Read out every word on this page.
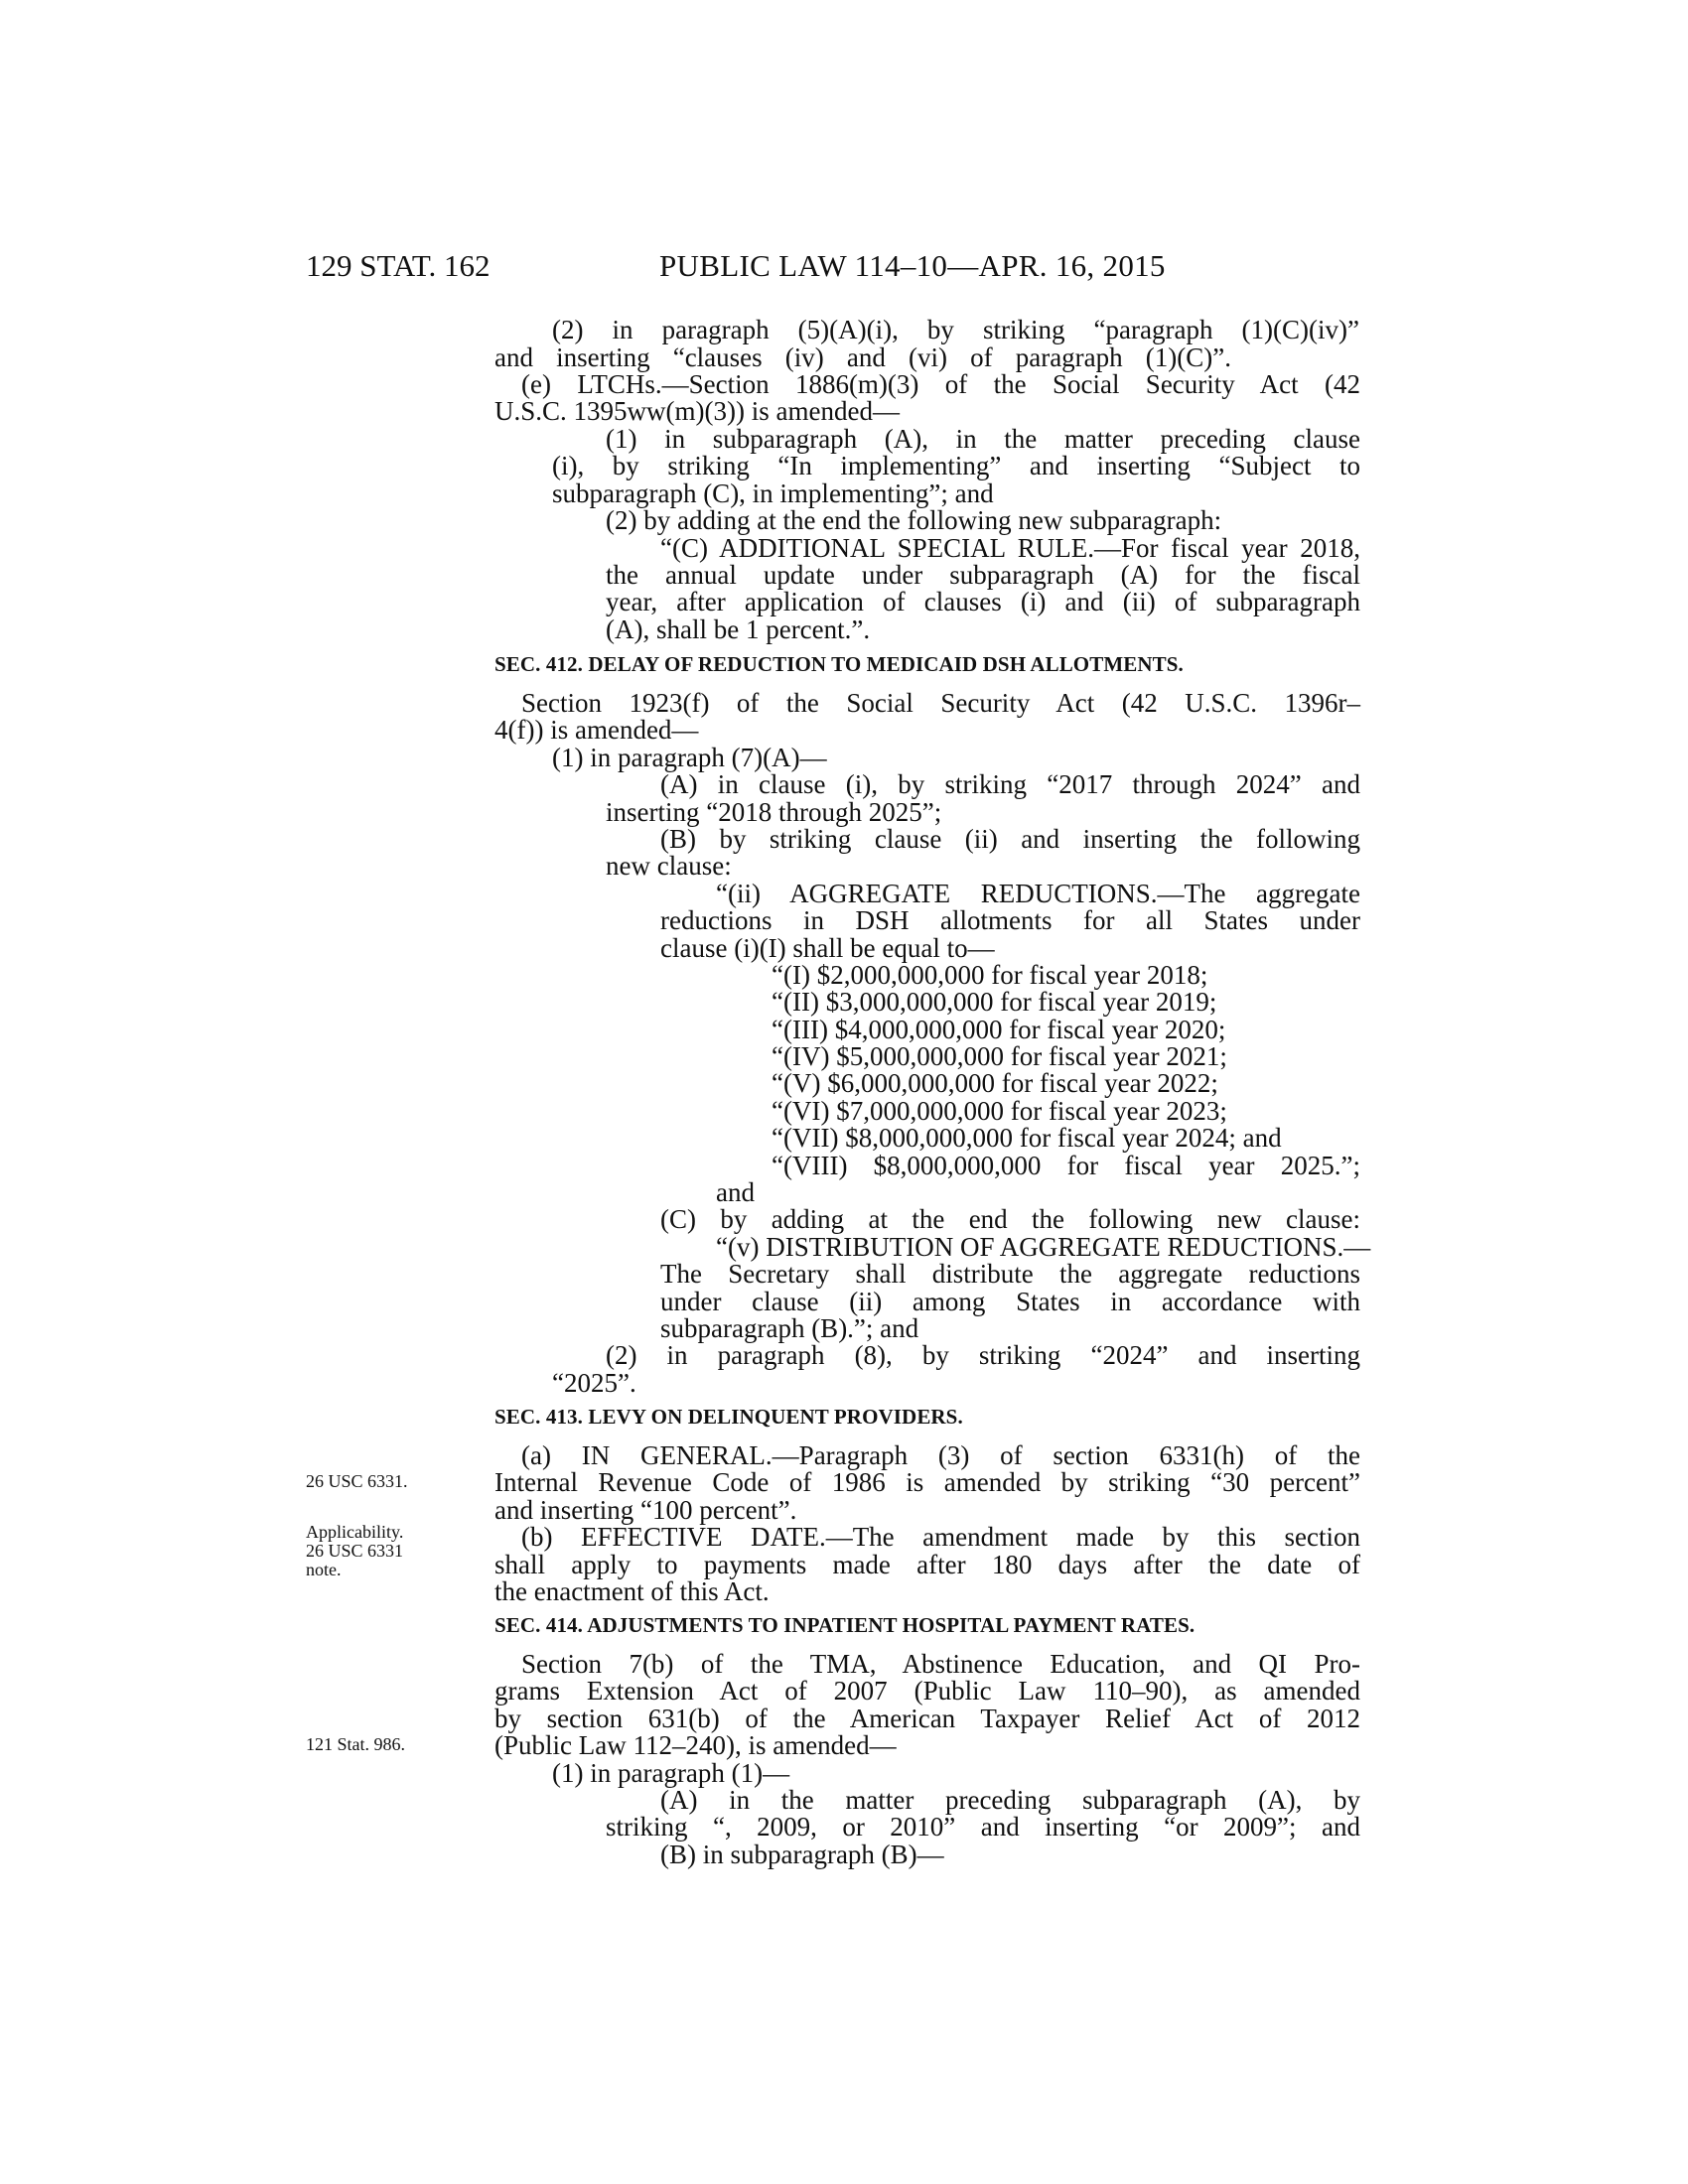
129 STAT. 162	PUBLIC LAW 114–10—APR. 16, 2015
(2) in paragraph (5)(A)(i), by striking “paragraph (1)(C)(iv)”
and inserting “clauses (iv) and (vi) of paragraph (1)(C)”.
(e) LTCHs.—Section 1886(m)(3) of the Social Security Act (42
U.S.C. 1395ww(m)(3)) is amended—
(1) in subparagraph (A), in the matter preceding clause
(i), by striking “In implementing” and inserting “Subject to
subparagraph (C), in implementing”; and
(2) by adding at the end the following new subparagraph:
“(C) ADDITIONAL SPECIAL RULE.—For fiscal year 2018,
the annual update under subparagraph (A) for the fiscal
year, after application of clauses (i) and (ii) of subparagraph
(A), shall be 1 percent.”.
SEC. 412. DELAY OF REDUCTION TO MEDICAID DSH ALLOTMENTS.
Section 1923(f) of the Social Security Act (42 U.S.C. 1396r–
4(f)) is amended—
(1) in paragraph (7)(A)—
(A) in clause (i), by striking “2017 through 2024” and
inserting “2018 through 2025”;
(B) by striking clause (ii) and inserting the following
new clause:
“(ii) AGGREGATE REDUCTIONS.—The aggregate
reductions in DSH allotments for all States under
clause (i)(I) shall be equal to—
“(I) $2,000,000,000 for fiscal year 2018;
“(II) $3,000,000,000 for fiscal year 2019;
“(III) $4,000,000,000 for fiscal year 2020;
“(IV) $5,000,000,000 for fiscal year 2021;
“(V) $6,000,000,000 for fiscal year 2022;
“(VI) $7,000,000,000 for fiscal year 2023;
“(VII) $8,000,000,000 for fiscal year 2024; and
“(VIII) $8,000,000,000 for fiscal year 2025.”;
and
(C) by adding at the end the following new clause:
“(v) DISTRIBUTION OF AGGREGATE REDUCTIONS.—
The Secretary shall distribute the aggregate reductions
under clause (ii) among States in accordance with
subparagraph (B).”; and
(2) in paragraph (8), by striking “2024” and inserting
“2025”.
SEC. 413. LEVY ON DELINQUENT PROVIDERS.
(a) IN GENERAL.—Paragraph (3) of section 6331(h) of the
Internal Revenue Code of 1986 is amended by striking “30 percent”
and inserting “100 percent”.
(b) EFFECTIVE DATE.—The amendment made by this section
shall apply to payments made after 180 days after the date of
the enactment of this Act.
SEC. 414. ADJUSTMENTS TO INPATIENT HOSPITAL PAYMENT RATES.
Section 7(b) of the TMA, Abstinence Education, and QI Pro-
grams Extension Act of 2007 (Public Law 110–90), as amended
by section 631(b) of the American Taxpayer Relief Act of 2012
(Public Law 112–240), is amended—
(1) in paragraph (1)—
(A) in the matter preceding subparagraph (A), by
striking “, 2009, or 2010” and inserting “or 2009”; and
(B) in subparagraph (B)—
26 USC 6331.
Applicability.
26 USC 6331
note.
121 Stat. 986.
